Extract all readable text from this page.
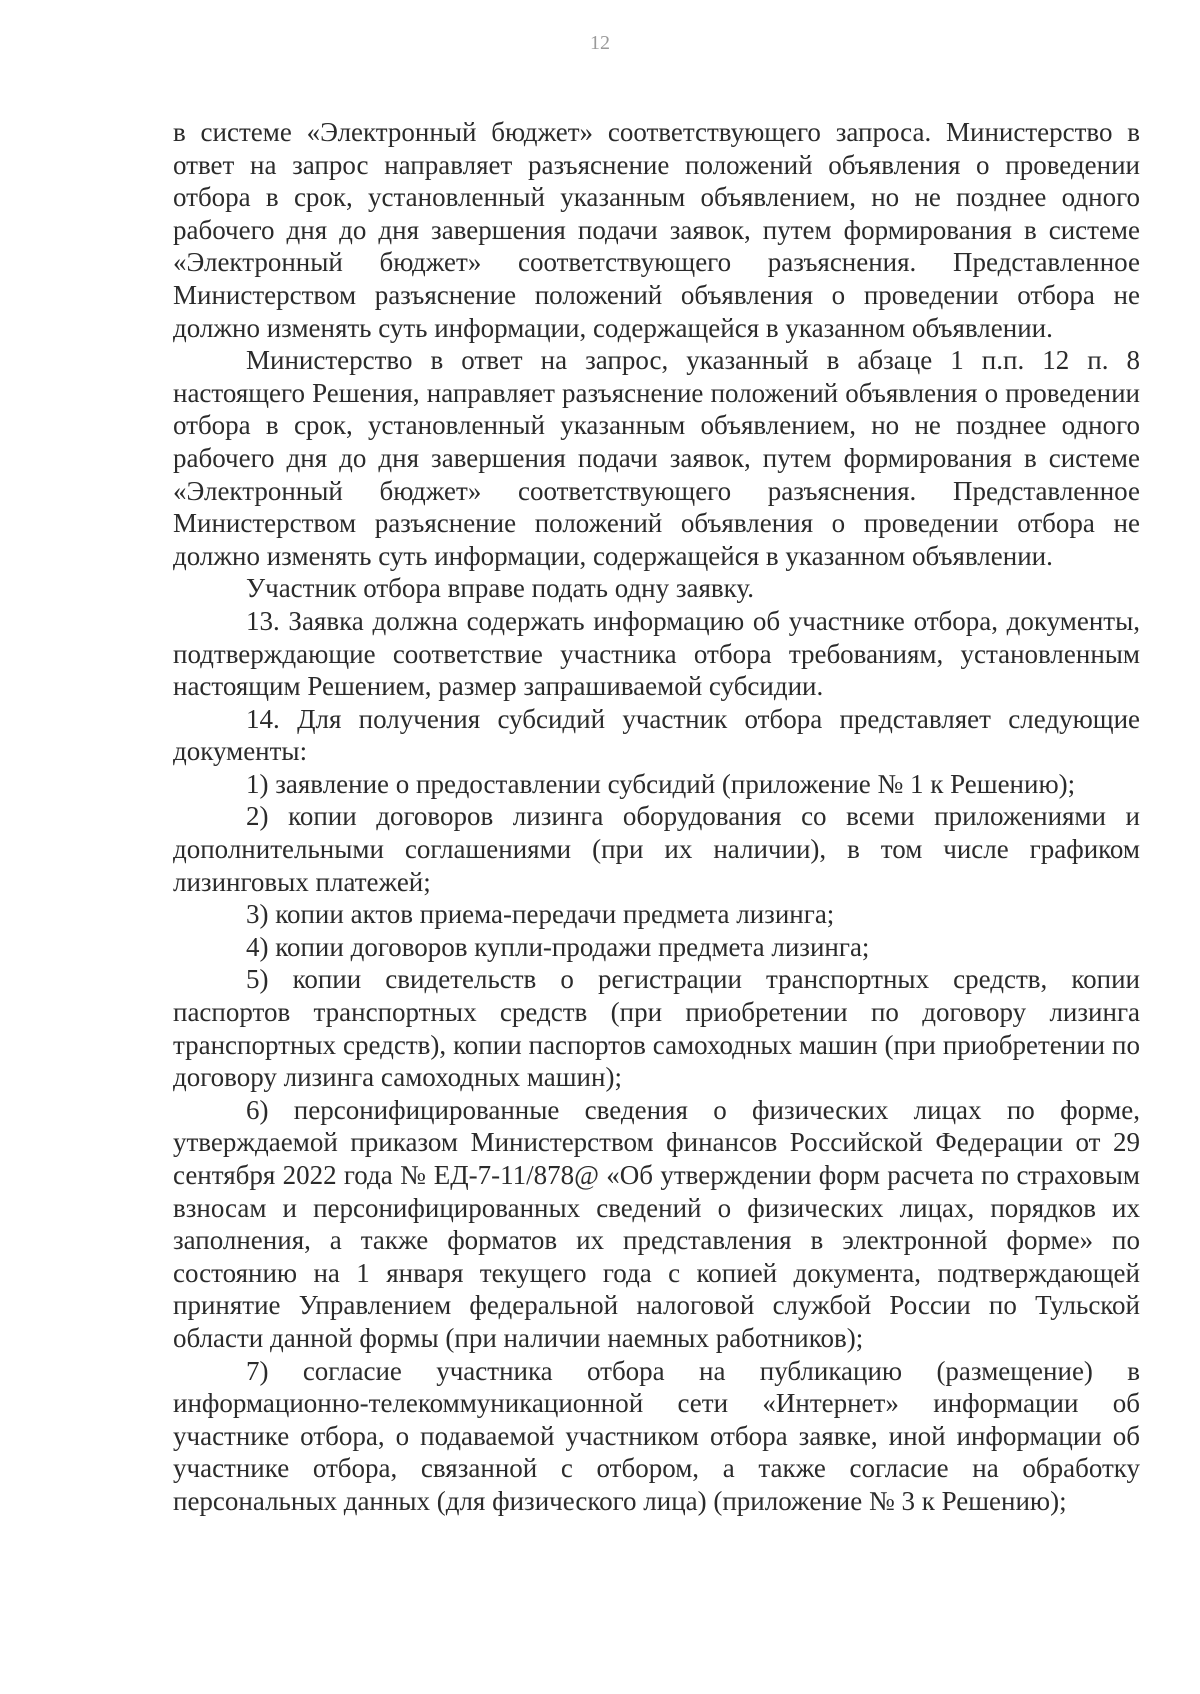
12

в системе «Электронный бюджет» соответствующего запроса. Министерство в ответ на запрос направляет разъяснение положений объявления о проведении отбора в срок, установленный указанным объявлением, но не позднее одного рабочего дня до дня завершения подачи заявок, путем формирования в системе «Электронный бюджет» соответствующего разъяснения. Представленное Министерством разъяснение положений объявления о проведении отбора не должно изменять суть информации, содержащейся в указанном объявлении.

Министерство в ответ на запрос, указанный в абзаце 1 п.п. 12 п. 8 настоящего Решения, направляет разъяснение положений объявления о проведении отбора в срок, установленный указанным объявлением, но не позднее одного рабочего дня до дня завершения подачи заявок, путем формирования в системе «Электронный бюджет» соответствующего разъяснения. Представленное Министерством разъяснение положений объявления о проведении отбора не должно изменять суть информации, содержащейся в указанном объявлении.

Участник отбора вправе подать одну заявку.

13. Заявка должна содержать информацию об участнике отбора, документы, подтверждающие соответствие участника отбора требованиям, установленным настоящим Решением, размер запрашиваемой субсидии.

14. Для получения субсидий участник отбора представляет следующие документы:

1) заявление о предоставлении субсидий (приложение № 1 к Решению);

2) копии договоров лизинга оборудования со всеми приложениями и дополнительными соглашениями (при их наличии), в том числе графиком лизинговых платежей;

3) копии актов приема-передачи предмета лизинга;

4) копии договоров купли-продажи предмета лизинга;

5) копии свидетельств о регистрации транспортных средств, копии паспортов транспортных средств (при приобретении по договору лизинга транспортных средств), копии паспортов самоходных машин (при приобретении по договору лизинга самоходных машин);

6) персонифицированные сведения о физических лицах по форме, утверждаемой приказом Министерством финансов Российской Федерации от 29 сентября 2022 года № ЕД-7-11/878@ «Об утверждении форм расчета по страховым взносам и персонифицированных сведений о физических лицах, порядков их заполнения, а также форматов их представления в электронной форме» по состоянию на 1 января текущего года с копией документа, подтверждающей принятие Управлением федеральной налоговой службой России по Тульской области данной формы (при наличии наемных работников);

7) согласие участника отбора на публикацию (размещение) в информационно-телекоммуникационной сети «Интернет» информации об участнике отбора, о подаваемой участником отбора заявке, иной информации об участнике отбора, связанной с отбором, а также согласие на обработку персональных данных (для физического лица) (приложение № 3 к Решению);
